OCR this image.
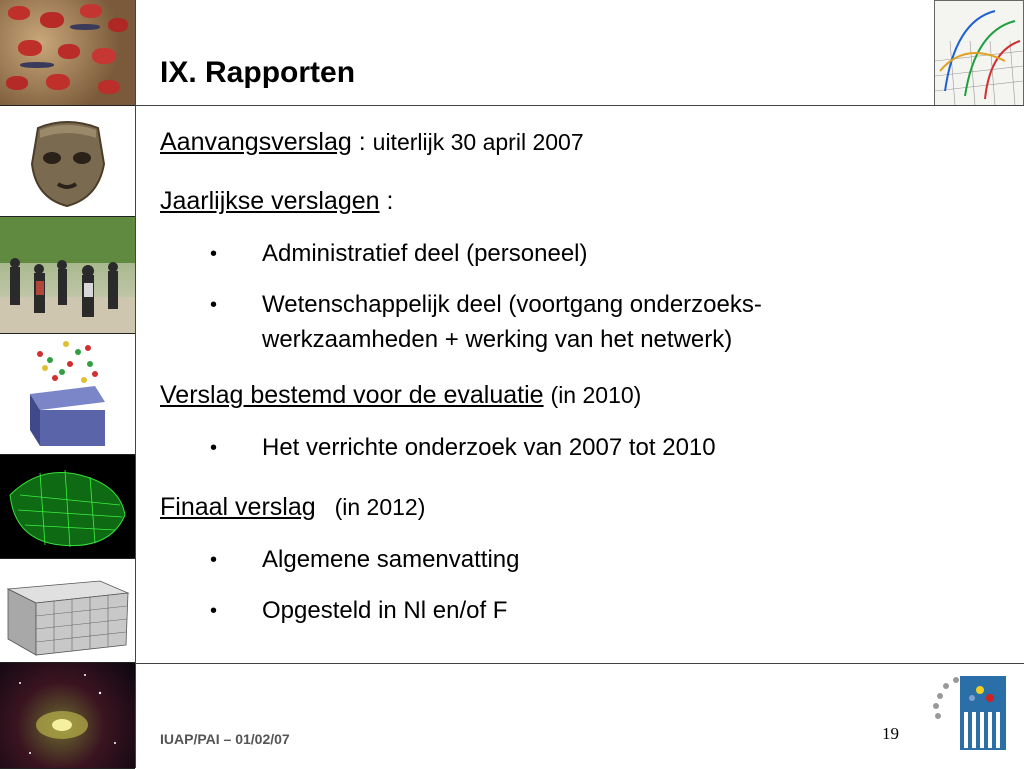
IX. Rapporten
Aanvangsverslag : uiterlijk 30 april 2007
Jaarlijkse verslagen :
• Administratief deel (personeel)
• Wetenschappelijk deel (voortgang onderzoeks-
werkzaamheden + werking van het netwerk)
Verslag bestemd voor de evaluatie (in 2010)
• Het verrichte onderzoek van 2007 tot 2010
Finaal verslag (in 2012)
• Algemene samenvatting
• Opgesteld in Nl en/of F
IUAP/PAI – 01/02/07	19
